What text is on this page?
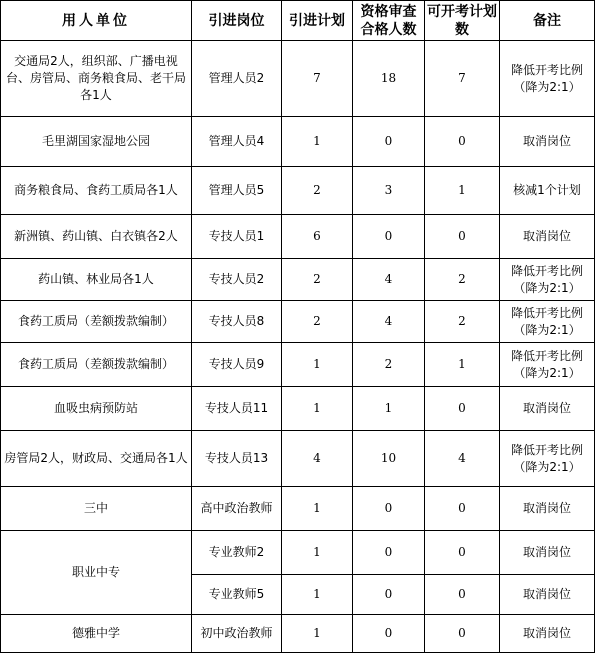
用人单位	引进岗位	引进计划	资格审查合格人数	可开考计划数	备注
交通局2人，组织部、广播电视台、房管局、商务粮食局、老干局各1人	管理人员2	7	18	7	降低开考比例（降为2:1）
毛里湖国家湿地公园	管理人员4	1	0	0	取消岗位
商务粮食局、食药工质局各1人	管理人员5	2	3	1	核减1个计划
新洲镇、药山镇、白衣镇各2人	专技人员1	6	0	0	取消岗位
药山镇、林业局各1人	专技人员2	2	4	2	降低开考比例（降为2:1）
食药工质局（差额拨款编制）	专技人员8	2	4	2	降低开考比例（降为2:1）
食药工质局（差额拨款编制）	专技人员9	1	2	1	降低开考比例（降为2:1）
血吸虫病预防站	专技人员11	1	1	0	取消岗位
房管局2人，财政局、交通局各1人	专技人员13	4	10	4	降低开考比例（降为2:1）
三中	高中政治教师	1	0	0	取消岗位
职业中专	专业教师2	1	0	0	取消岗位
	专业教师5	1	0	0	取消岗位
德雅中学	初中政治教师	1	0	0	取消岗位
